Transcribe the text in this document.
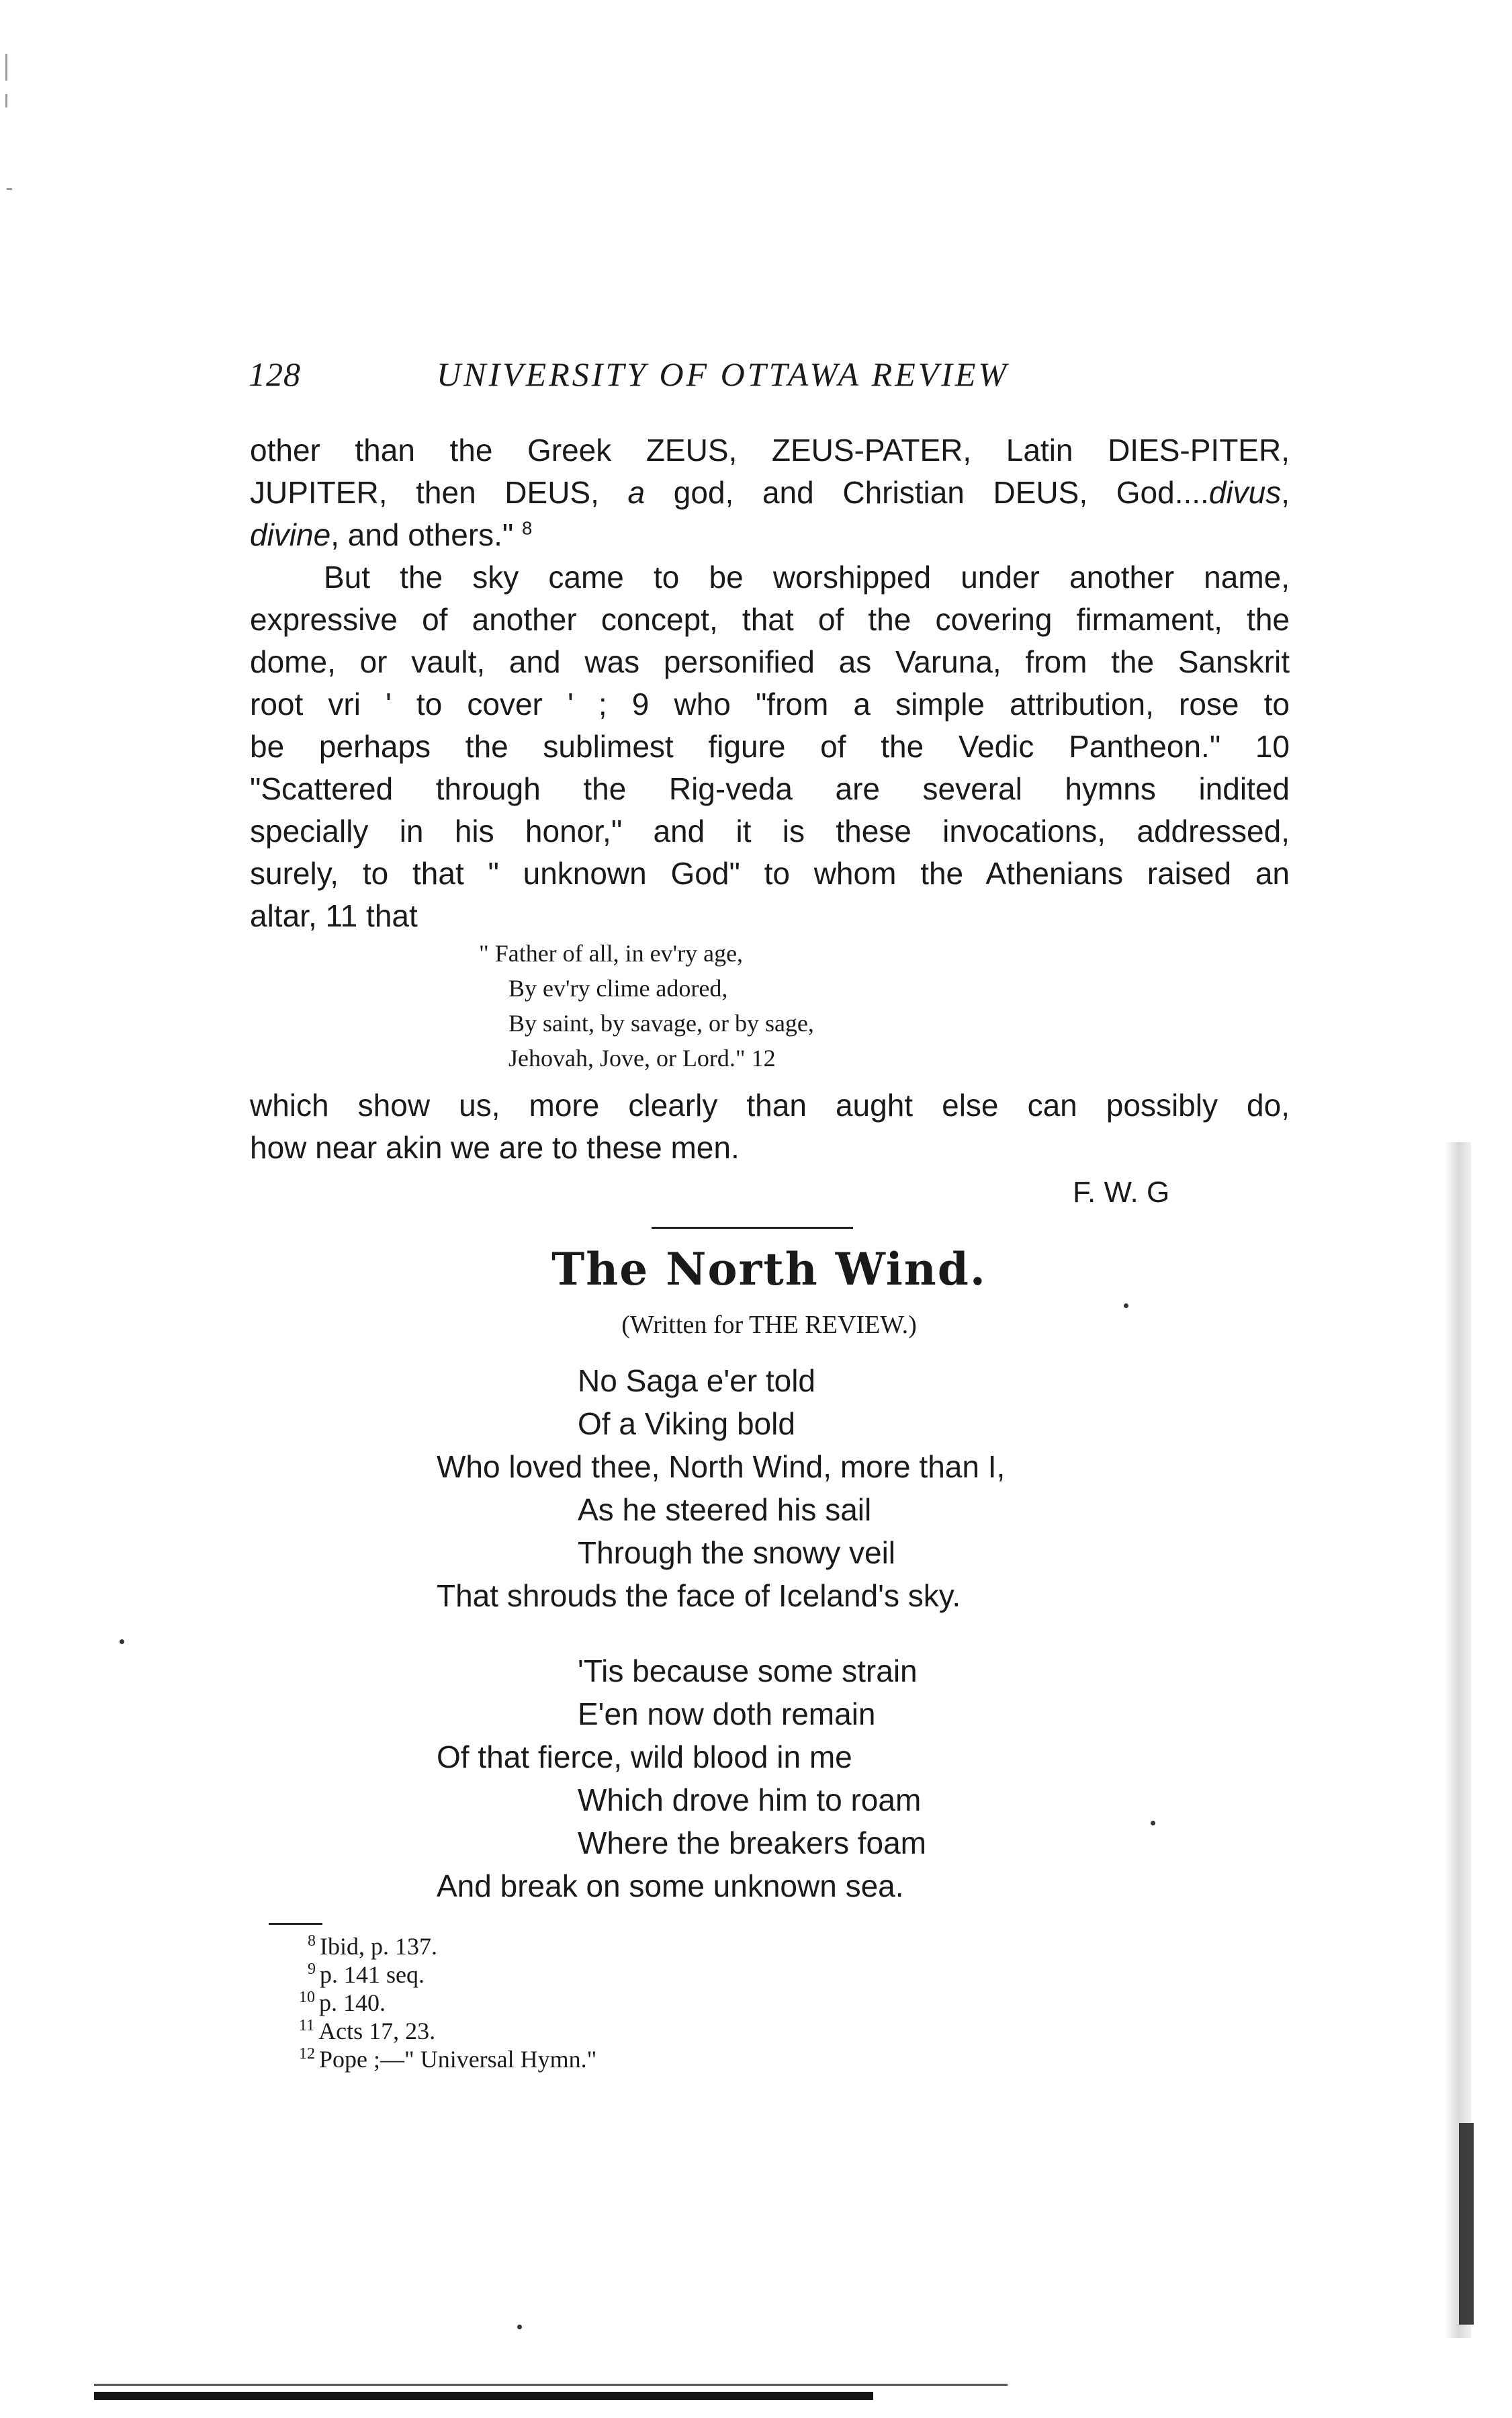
128	UNIVERSITY OF OTTAWA REVIEW
other than the Greek ZEUS, ZEUS-PATER, Latin DIES-PITER,
JUPITER, then DEUS, a god, and Christian DEUS, God....divus,
divine, and others." $^8$
But the sky came to be worshipped under another name,
expressive of another concept, that of the covering firmament, the
dome, or vault, and was personified as Varuna, from the Sanskrit
root vri ' to cover ' ; 9 who "from a simple attribution, rose to
be perhaps the sublimest figure of the Vedic Pantheon." 10
"Scattered through the Rig-veda are several hymns indited
specially in his honor," and it is these invocations, addressed,
surely, to that " unknown God" to whom the Athenians raised an
altar, 11 that
" Father of all, in ev'ry age,
By ev'ry clime adored,
By saint, by savage, or by sage,
Jehovah, Jove, or Lord." 12
which show us, more clearly than aught else can possibly do,
how near akin we are to these men.
F. W. G
The North Wind.
(Written for THE REVIEW.)
No Saga e'er told
Of a Viking bold
Who loved thee, North Wind, more than I,
As he steered his sail
Through the snowy veil
That shrouds the face of Iceland's sky.
'Tis because some strain
E'en now doth remain
Of that fierce, wild blood in me
Which drove him to roam
Where the breakers foam
And break on some unknown sea.
8 Ibid, p. 137.
9 p. 141 seq.
10 p. 140.
11 Acts 17, 23.
12 Pope ;—" Universal Hymn."
